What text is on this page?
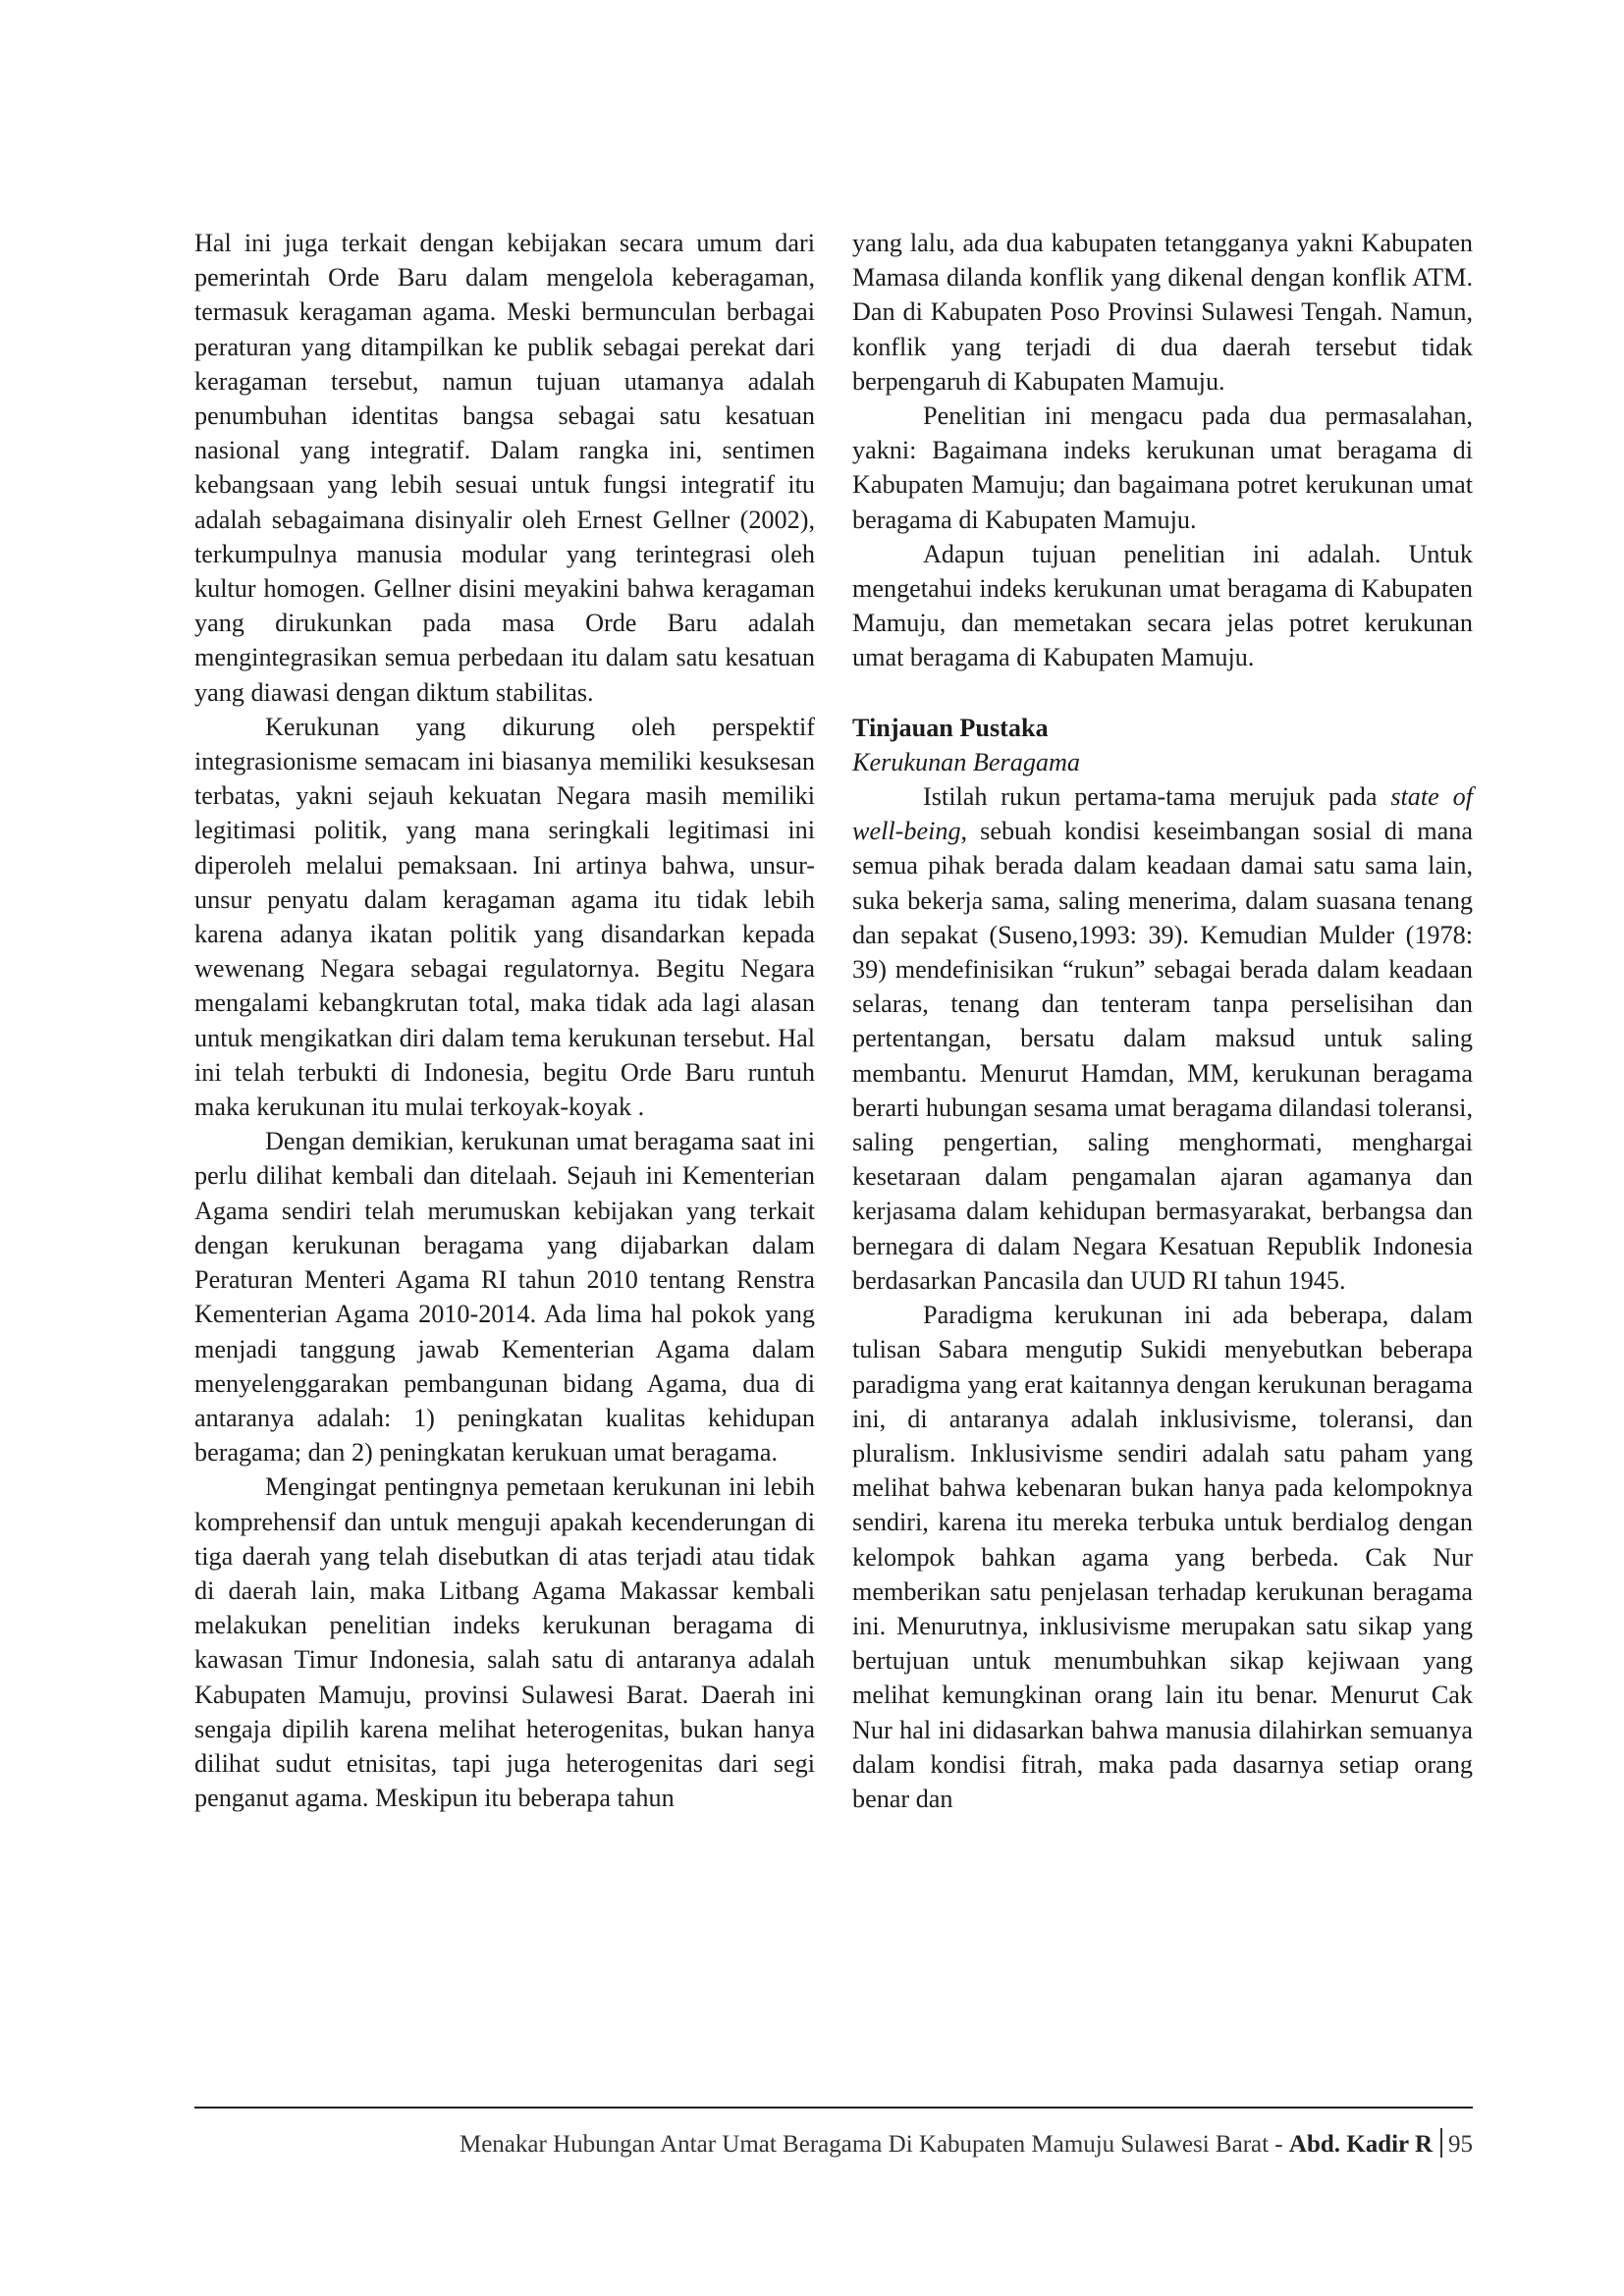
Hal ini juga terkait dengan kebijakan secara umum dari pemerintah Orde Baru dalam mengelola keberagaman, termasuk keragaman agama. Meski bermunculan berbagai peraturan yang ditampilkan ke publik sebagai perekat dari keragaman tersebut, namun tujuan utamanya adalah penumbuhan identitas bangsa sebagai satu kesatuan nasional yang integratif. Dalam rangka ini, sentimen kebangsaan yang lebih sesuai untuk fungsi integratif itu adalah sebagaimana disinyalir oleh Ernest Gellner (2002), terkumpulnya manusia modular yang terintegrasi oleh kultur homogen. Gellner disini meyakini bahwa keragaman yang dirukunkan pada masa Orde Baru adalah mengintegrasikan semua perbedaan itu dalam satu kesatuan yang diawasi dengan diktum stabilitas.

Kerukunan yang dikurung oleh perspektif integrasionisme semacam ini biasanya memiliki kesuksesan terbatas, yakni sejauh kekuatan Negara masih memiliki legitimasi politik, yang mana seringkali legitimasi ini diperoleh melalui pemaksaan. Ini artinya bahwa, unsur-unsur penyatu dalam keragaman agama itu tidak lebih karena adanya ikatan politik yang disandarkan kepada wewenang Negara sebagai regulatornya. Begitu Negara mengalami kebangkrutan total, maka tidak ada lagi alasan untuk mengikatkan diri dalam tema kerukunan tersebut. Hal ini telah terbukti di Indonesia, begitu Orde Baru runtuh maka kerukunan itu mulai terkoyak-koyak .

Dengan demikian, kerukunan umat beragama saat ini perlu dilihat kembali dan ditelaah. Sejauh ini Kementerian Agama sendiri telah merumuskan kebijakan yang terkait dengan kerukunan beragama yang dijabarkan dalam Peraturan Menteri Agama RI tahun 2010 tentang Renstra Kementerian Agama 2010-2014. Ada lima hal pokok yang menjadi tanggung jawab Kementerian Agama dalam menyelenggarakan pembangunan bidang Agama, dua di antaranya adalah: 1) peningkatan kualitas kehidupan beragama; dan 2) peningkatan kerukuan umat beragama.

Mengingat pentingnya pemetaan kerukunan ini lebih komprehensif dan untuk menguji apakah kecenderungan di tiga daerah yang telah disebutkan di atas terjadi atau tidak di daerah lain, maka Litbang Agama Makassar kembali melakukan penelitian indeks kerukunan beragama di kawasan Timur Indonesia, salah satu di antaranya adalah Kabupaten Mamuju, provinsi Sulawesi Barat. Daerah ini sengaja dipilih karena melihat heterogenitas, bukan hanya dilihat sudut etnisitas, tapi juga heterogenitas dari segi penganut agama. Meskipun itu beberapa tahun

yang lalu, ada dua kabupaten tetangganya yakni Kabupaten Mamasa dilanda konflik yang dikenal dengan konflik ATM. Dan di Kabupaten Poso Provinsi Sulawesi Tengah. Namun, konflik yang terjadi di dua daerah tersebut tidak berpengaruh di Kabupaten Mamuju.

Penelitian ini mengacu pada dua permasalahan, yakni: Bagaimana indeks kerukunan umat beragama di Kabupaten Mamuju; dan bagaimana potret kerukunan umat beragama di Kabupaten Mamuju.

Adapun tujuan penelitian ini adalah. Untuk mengetahui indeks kerukunan umat beragama di Kabupaten Mamuju, dan memetakan secara jelas potret kerukunan umat beragama di Kabupaten Mamuju.

Tinjauan Pustaka

Kerukunan Beragama

Istilah rukun pertama-tama merujuk pada state of well-being, sebuah kondisi keseimbangan sosial di mana semua pihak berada dalam keadaan damai satu sama lain, suka bekerja sama, saling menerima, dalam suasana tenang dan sepakat (Suseno,1993: 39). Kemudian Mulder (1978: 39) mendefinisikan “rukun” sebagai berada dalam keadaan selaras, tenang dan tenteram tanpa perselisihan dan pertentangan, bersatu dalam maksud untuk saling membantu. Menurut Hamdan, MM, kerukunan beragama berarti hubungan sesama umat beragama dilandasi toleransi, saling pengertian, saling menghormati, menghargai kesetaraan dalam pengamalan ajaran agamanya dan kerjasama dalam kehidupan bermasyarakat, berbangsa dan bernegara di dalam Negara Kesatuan Republik Indonesia berdasarkan Pancasila dan UUD RI tahun 1945.

Paradigma kerukunan ini ada beberapa, dalam tulisan Sabara mengutip Sukidi menyebutkan beberapa paradigma yang erat kaitannya dengan kerukunan beragama ini, di antaranya adalah inklusivisme, toleransi, dan pluralism. Inklusivisme sendiri adalah satu paham yang melihat bahwa kebenaran bukan hanya pada kelompoknya sendiri, karena itu mereka terbuka untuk berdialog dengan kelompok bahkan agama yang berbeda. Cak Nur memberikan satu penjelasan terhadap kerukunan beragama ini. Menurutnya, inklusivisme merupakan satu sikap yang bertujuan untuk menumbuhkan sikap kejiwaan yang melihat kemungkinan orang lain itu benar. Menurut Cak Nur hal ini didasarkan bahwa manusia dilahirkan semuanya dalam kondisi fitrah, maka pada dasarnya setiap orang benar dan

Menakar Hubungan Antar Umat Beragama Di Kabupaten Mamuju Sulawesi Barat - Abd. Kadir R 95
